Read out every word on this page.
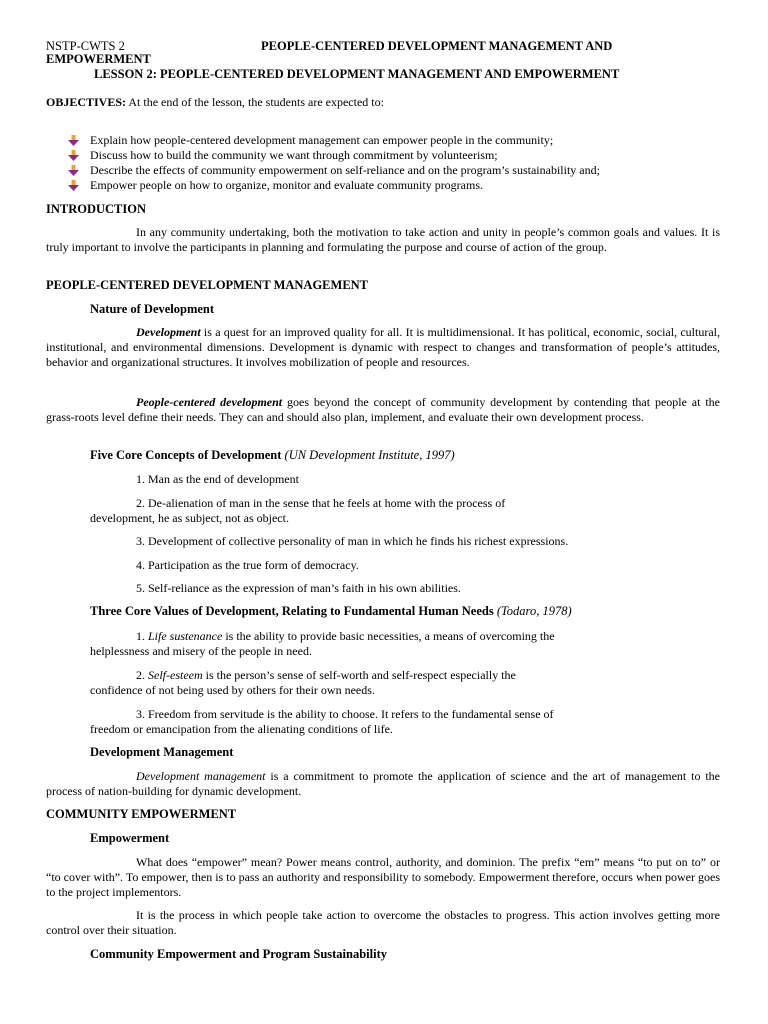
NSTP-CWTS 2	PEOPLE-CENTERED DEVELOPMENT MANAGEMENT AND
EMPOWERMENT
LESSON 2: PEOPLE-CENTERED DEVELOPMENT MANAGEMENT AND EMPOWERMENT
OBJECTIVES: At the end of the lesson, the students are expected to:
Explain how people-centered development management can empower people in the community;
Discuss how to build the community we want through commitment by volunteerism;
Describe the effects of community empowerment on self-reliance and on the program’s sustainability and;
Empower people on how to organize, monitor and evaluate community programs.
INTRODUCTION

In any community undertaking, both the motivation to take action and unity in people’s common goals and values. It is truly important to involve the participants in planning and formulating the purpose and course of action of the group.

PEOPLE-CENTERED DEVELOPMENT MANAGEMENT
Nature of Development

Development is a quest for an improved quality for all. It is multidimensional. It has political, economic, social, cultural, institutional, and environmental dimensions. Development is dynamic with respect to changes and transformation of people’s attitudes, behavior and organizational structures. It involves mobilization of people and resources.

People-centered development goes beyond the concept of community development by contending that people at the grass-roots level define their needs. They can and should also plan, implement, and evaluate their own development process.

Five Core Concepts of Development (UN Development Institute, 1997)

1. Man as the end of development

2. De-alienation of man in the sense that he feels at home with the process of

development, he as subject, not as object.

3. Development of collective personality of man in which he finds his richest expressions.

4. Participation as the true form of democracy.

5. Self-reliance as the expression of man’s faith in his own abilities.

Three Core Values of Development, Relating to Fundamental Human Needs (Todaro, 1978)

1. Life sustenance is the ability to provide basic necessities, a means of overcoming the

helplessness and misery of the people in need.

2. Self-esteem is the person’s sense of self-worth and self-respect especially the

confidence of not being used by others for their own needs.

3. Freedom from servitude is the ability to choose. It refers to the fundamental sense of

freedom or emancipation from the alienating conditions of life.

Development Management

Development management is a commitment to promote the application of science and the art of management to the process of nation-building for dynamic development.

COMMUNITY EMPOWERMENT
Empowerment

What does “empower” mean? Power means control, authority, and dominion. The prefix “em” means “to put on to” or “to cover with”. To empower, then is to pass an authority and responsibility to somebody. Empowerment therefore, occurs when power goes to the project implementors.

It is the process in which people take action to overcome the obstacles to progress. This action involves getting more control over their situation.

Community Empowerment and Program Sustainability
